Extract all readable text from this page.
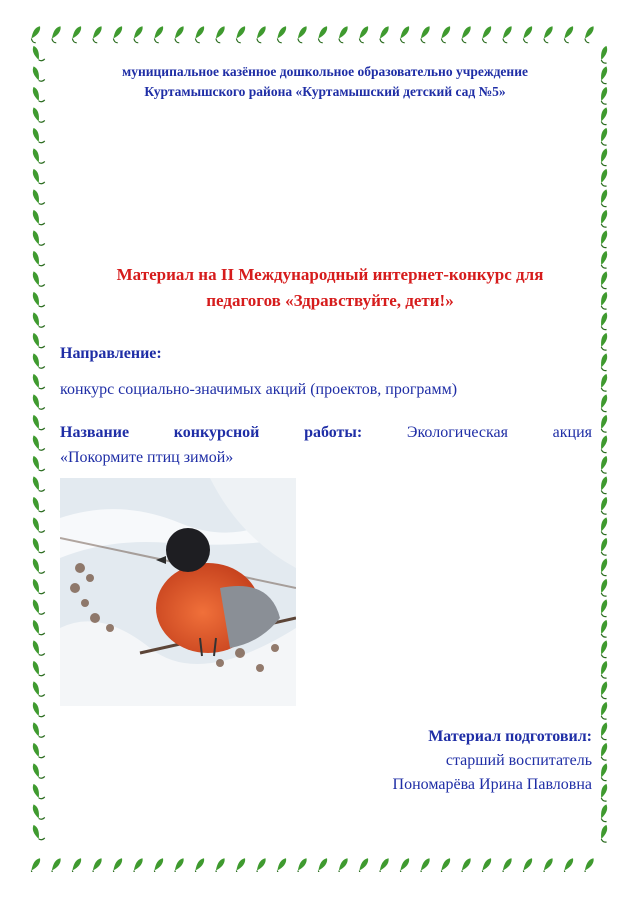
муниципальное казённое дошкольное образовательно учреждение
Куртамышского района «Куртамышский детский сад №5»
Материал на II Международный интернет-конкурс для
педагогов «Здравствуйте, дети!»
Направление:
конкурс социально-значимых акций (проектов, программ)
Название	конкурсной	работы:	Экологическая	акция
«Покормите птиц зимой»
Материал подготовил:
старший воспитатель
Пономарёва Ирина Павловна
